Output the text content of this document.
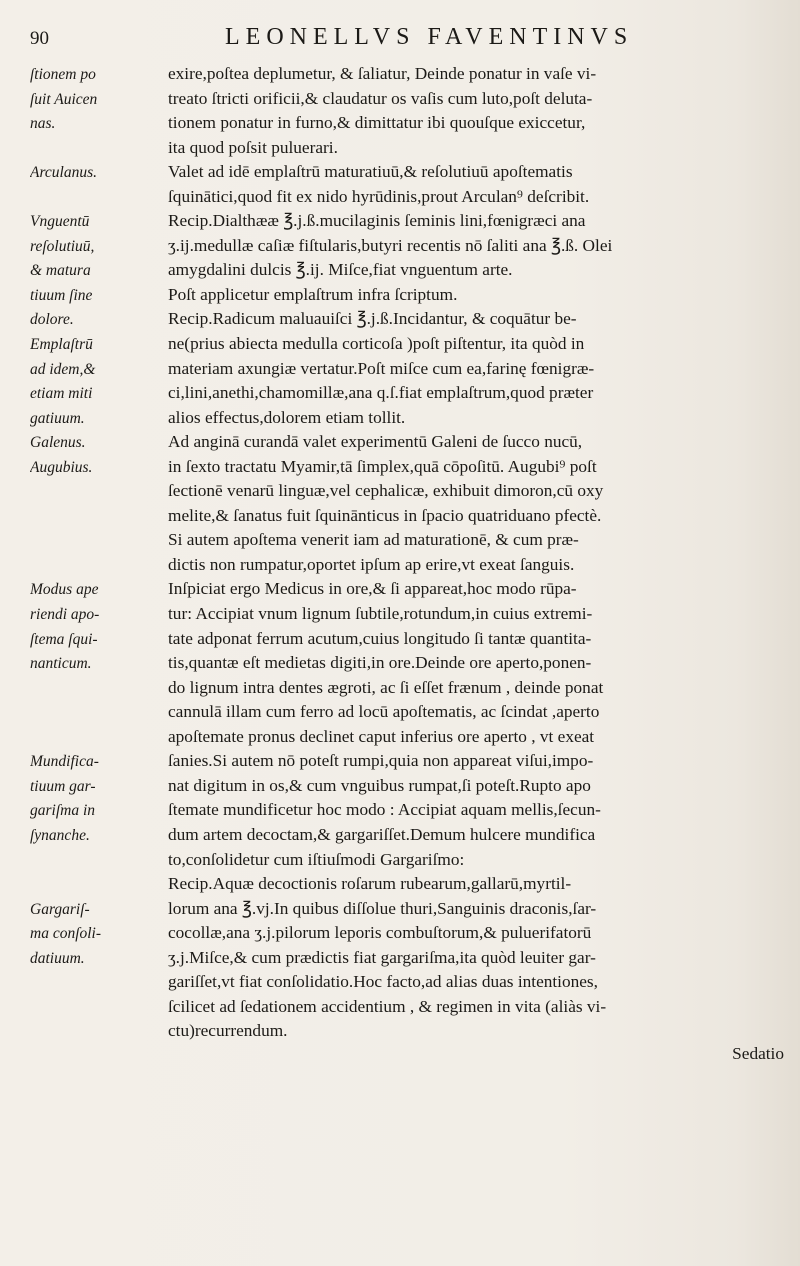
90	LEONELLVS FAVENTINVS
ſtionem po	exire,poſtea deplumetur, & ſaliatur, Deinde ponatur in vaſe vi-
ſuit Auicen	treato ſtricti orificii,& claudatur os vaſis cum luto,poſt deluta-
nas.	tionem ponatur in furno,& dimittatur ibi quouſque exiccetur,
ita quod poſsit puluerari.
Arculanus.	Valet ad idē emplaſtrū maturatiuū,& reſolutiuū apoſtematis
ſquinātici,quod fit ex nido hyrūdinis,prout Arculan⁹ deſcribit.
Vnguentū	Recip.Dialthææ ℥.j.ß.mucilaginis ſeminis lini,fœnigræci ana
reſolutiuū,	ʒ.ij.medullæ caſiæ fiſtularis,butyri recentis nō ſaliti ana ℥.ß. Olei
& matura	amygdalini dulcis ℥.ij. Miſce,fiat vnguentum arte.
tiuum ſine	Poſt applicetur emplaſtrum infra ſcriptum.
dolore.	Recip.Radicum maluauiſci ℥.j.ß.Incidantur, & coquātur be-
Emplaſtrū	ne(prius abiecta medulla corticoſa )poſt piſtentur, ita quòd in
ad idem,&	materiam axungiæ vertatur.Poſt miſce cum ea,farinę fœnigræ-
etiam miti	ci,lini,anethi,chamomillæ,ana q.ſ.fiat emplaſtrum,quod præter
gatiuum.	alios effectus,dolorem etiam tollit.
Galenus.	Ad anginā curandā valet experimentū Galeni de ſucco nucū,
Augubius.	in ſexto tractatu Myamir,tā ſimplex,quā cōpoſitū. Augubi⁹ poſt
ſectionē venarū linguæ,vel cephalicæ, exhibuit dimoron,cū oxy
melite,& ſanatus fuit ſquinānticus in ſpacio quatriduano pfectè.
Si autem apoſtema venerit iam ad maturationē, & cum præ-
dictis non rumpatur,oportet ipſum ap erire,vt exeat ſanguis.
Modus ape	Inſpiciat ergo Medicus in ore,& ſi appareat,hoc modo rūpa-
riendi apo-	tur: Accipiat vnum lignum ſubtile,rotundum,in cuius extremi-
ſtema ſqui-	tate adponat ferrum acutum,cuius longitudo ſi tantæ quantita-
nanticum.	tis,quantæ eſt medietas digiti,in ore.Deinde ore aperto,ponen-
do lignum intra dentes ægroti, ac ſi eſſet frænum , deinde ponat
cannulā illam cum ferro ad locū apoſtematis, ac ſcindat ,aperto
apoſtemate pronus declinet caput inferius ore aperto , vt exeat
Mundifica-	ſanies.Si autem nō poteſt rumpi,quia non appareat viſui,impo-
tiuum gar-	nat digitum in os,& cum vnguibus rumpat,ſi poteſt.Rupto apo
gariſma in	ſtemate mundificetur hoc modo : Accipiat aquam mellis,ſecun-
ſynanche.	dum artem decoctam,& gargariſſet.Demum hulcere mundifica
to,conſolidetur cum iſtiuſmodi Gargariſmo:
Recip.Aquæ decoctionis roſarum rubearum,gallarū,myrtil-
Gargariſ-	lorum ana ℥.vj.In quibus diſſolue thuri,Sanguinis draconis,ſar-
ma conſoli-	cocollæ,ana ʒ.j.pilorum leporis combuſtorum,& puluerifatorū
datiuum.	ʒ.j.Miſce,& cum prædictis fiat gargariſma,ita quòd leuiter gar-
gariſſet,vt fiat conſolidatio.Hoc facto,ad alias duas intentiones,
ſcilicet ad ſedationem accidentium , & regimen in vita (aliàs vi-
ctu)recurrendum.
Sedatio
